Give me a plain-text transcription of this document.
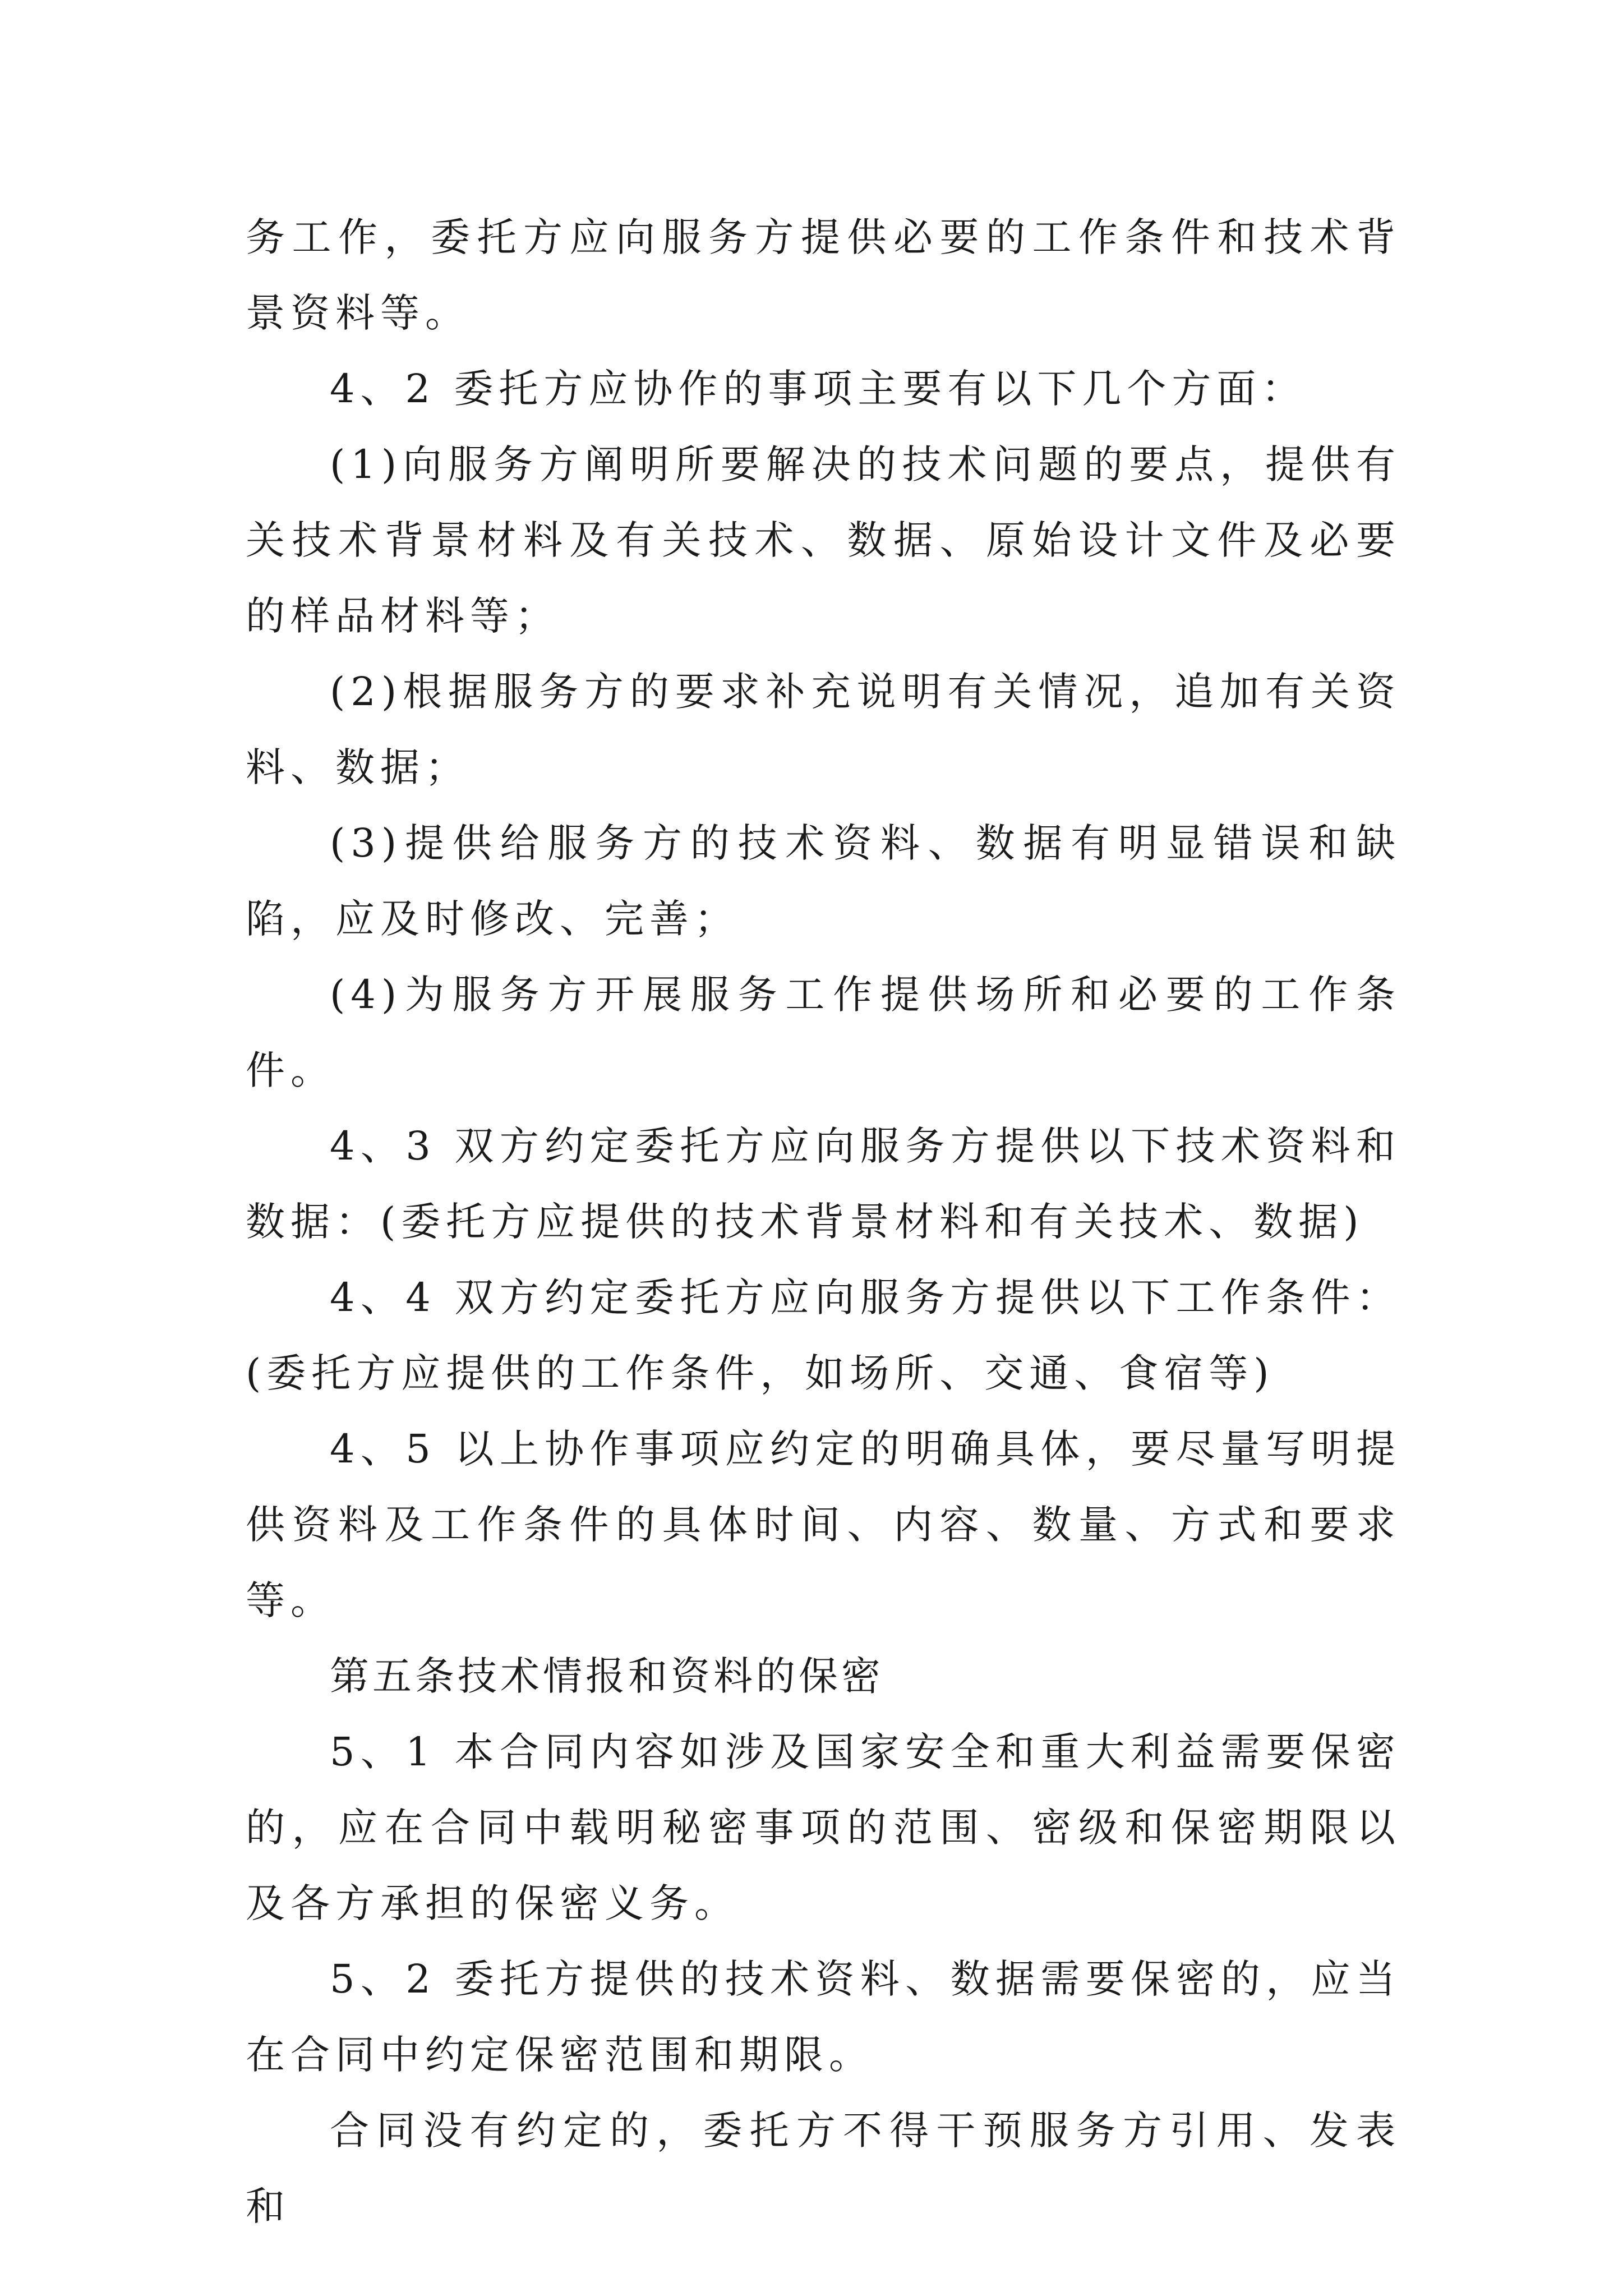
务工作，委托方应向服务方提供必要的工作条件和技术背景资料等。

4、2 委托方应协作的事项主要有以下几个方面：

(1)向服务方阐明所要解决的技术问题的要点，提供有关技术背景材料及有关技术、数据、原始设计文件及必要的样品材料等；

(2)根据服务方的要求补充说明有关情况，追加有关资料、数据；

(3)提供给服务方的技术资料、数据有明显错误和缺陷，应及时修改、完善；

(4)为服务方开展服务工作提供场所和必要的工作条件。

4、3 双方约定委托方应向服务方提供以下技术资料和数据：(委托方应提供的技术背景材料和有关技术、数据)

4、4 双方约定委托方应向服务方提供以下工作条件：(委托方应提供的工作条件，如场所、交通、食宿等)

4、5 以上协作事项应约定的明确具体，要尽量写明提供资料及工作条件的具体时间、内容、数量、方式和要求等。

第五条技术情报和资料的保密

5、1 本合同内容如涉及国家安全和重大利益需要保密的，应在合同中载明秘密事项的范围、密级和保密期限以及各方承担的保密义务。

5、2 委托方提供的技术资料、数据需要保密的，应当在合同中约定保密范围和期限。

合同没有约定的，委托方不得干预服务方引用、发表和
